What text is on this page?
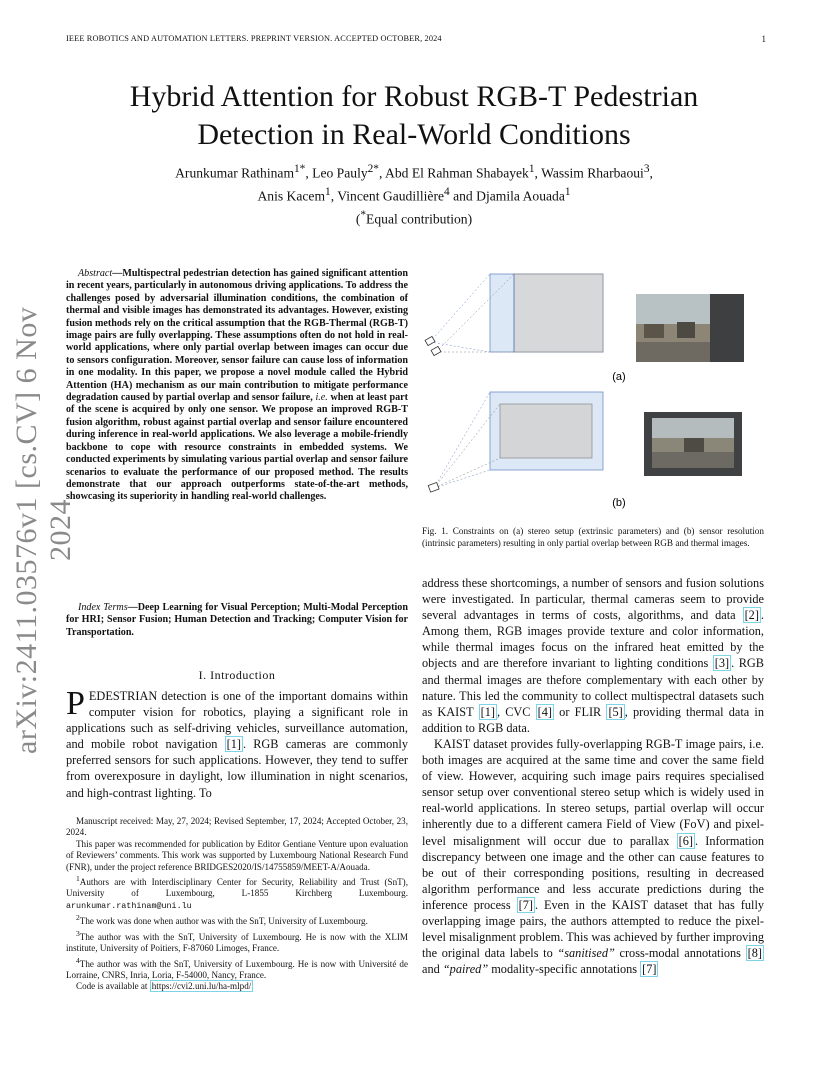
IEEE ROBOTICS AND AUTOMATION LETTERS. PREPRINT VERSION. ACCEPTED OCTOBER, 2024	1
Hybrid Attention for Robust RGB-T Pedestrian
Detection in Real-World Conditions
Arunkumar Rathinam$^{1*}$, Leo Pauly$^{2*}$, Abd El Rahman Shabayek$^1$, Wassim Rharbaoui$^3$,
Anis Kacem$^1$, Vincent Gaudillière$^4$ and Djamila Aouada$^1$
(*Equal contribution)
arXiv:2411.03576v1 [cs.CV] 6 Nov 2024
Abstract—Multispectral pedestrian detection has gained significant attention in recent years, particularly in autonomous driving applications. To address the challenges posed by adversarial illumination conditions, the combination of thermal and visible images has demonstrated its advantages. However, existing fusion methods rely on the critical assumption that the RGB-Thermal (RGB-T) image pairs are fully overlapping. These assumptions often do not hold in real-world applications, where only partial overlap between images can occur due to sensors configuration. Moreover, sensor failure can cause loss of information in one modality. In this paper, we propose a novel module called the Hybrid Attention (HA) mechanism as our main contribution to mitigate performance degradation caused by partial overlap and sensor failure, i.e. when at least part of the scene is acquired by only one sensor. We propose an improved RGB-T fusion algorithm, robust against partial overlap and sensor failure encountered during inference in real-world applications. We also leverage a mobile-friendly backbone to cope with resource constraints in embedded systems. We conducted experiments by simulating various partial overlap and sensor failure scenarios to evaluate the performance of our proposed method. The results demonstrate that our approach outperforms state-of-the-art methods, showcasing its superiority in handling real-world challenges.
Index Terms—Deep Learning for Visual Perception; Multi-Modal Perception for HRI; Sensor Fusion; Human Detection and Tracking; Computer Vision for Transportation.
I. Introduction
PEDESTRIAN detection is one of the important domains within computer vision for robotics, playing a significant role in applications such as self-driving vehicles, surveillance automation, and mobile robot navigation [1] . RGB cameras are commonly preferred sensors for such applications. However, they tend to suffer from overexposure in daylight, low illumination in night scenarios, and high-contrast lighting. To

Manuscript received: May, 27, 2024; Revised September, 17, 2024; Accepted October, 23, 2024.

This paper was recommended for publication by Editor Gentiane Venture upon evaluation of Reviewers’ comments. This work was supported by Luxembourg National Research Fund (FNR), under the project reference BRIDGES2020/IS/14755859/MEET-A/Aouada.

$^1$Authors are with Interdisciplinary Center for Security, Reliability and Trust (SnT), University of Luxembourg, L-1855 Kirchberg Luxembourg. arunkumar.rathinam@uni.lu

$^2$The work was done when author was with the SnT, University of Luxembourg.

$^3$The author was with the SnT, University of Luxembourg. He is now with the XLIM institute, University of Poitiers, F-87060 Limoges, France.

$^4$The author was with the SnT, University of Luxembourg. He is now with Université de Lorraine, CNRS, Inria, Loria, F-54000, Nancy, France.

Code is available at https://cvi2.uni.lu/ha-mlpd/

(a)
(b)
Fig. 1. Constraints on (a) stereo setup (extrinsic parameters) and (b) sensor resolution (intrinsic parameters) resulting in only partial overlap between RGB and thermal images.

address these shortcomings, a number of sensors and fusion solutions were investigated. In particular, thermal cameras seem to provide several advantages in terms of costs, algorithms, and data [2] . Among them, RGB images provide texture and color information, while thermal images focus on the infrared heat emitted by the objects and are therefore invariant to lighting conditions [3] . RGB and thermal images are thefore complementary with each other by nature. This led the community to collect multispectral datasets such as KAIST [1] , CVC [4] or FLIR [5] , providing thermal data in addition to RGB data.

KAIST dataset provides fully-overlapping RGB-T image pairs, i.e. both images are acquired at the same time and cover the same field of view. However, acquiring such image pairs requires specialised sensor setup over conventional stereo setup which is widely used in real-world applications. In stereo setups, partial overlap will occur inherently due to a different camera Field of View (FoV) and pixel-level misalignment will occur due to parallax [6] . Information discrepancy between one image and the other can cause features to be out of their corresponding positions, resulting in decreased algorithm performance and less accurate predictions during the inference process [7] . Even in the KAIST dataset that has fully overlapping image pairs, the authors attempted to reduce the pixel-level misalignment problem. This was achieved by further improving the original data labels to “sanitised” cross-modal annotations [8] and “paired” modality-specific annotations [7]
